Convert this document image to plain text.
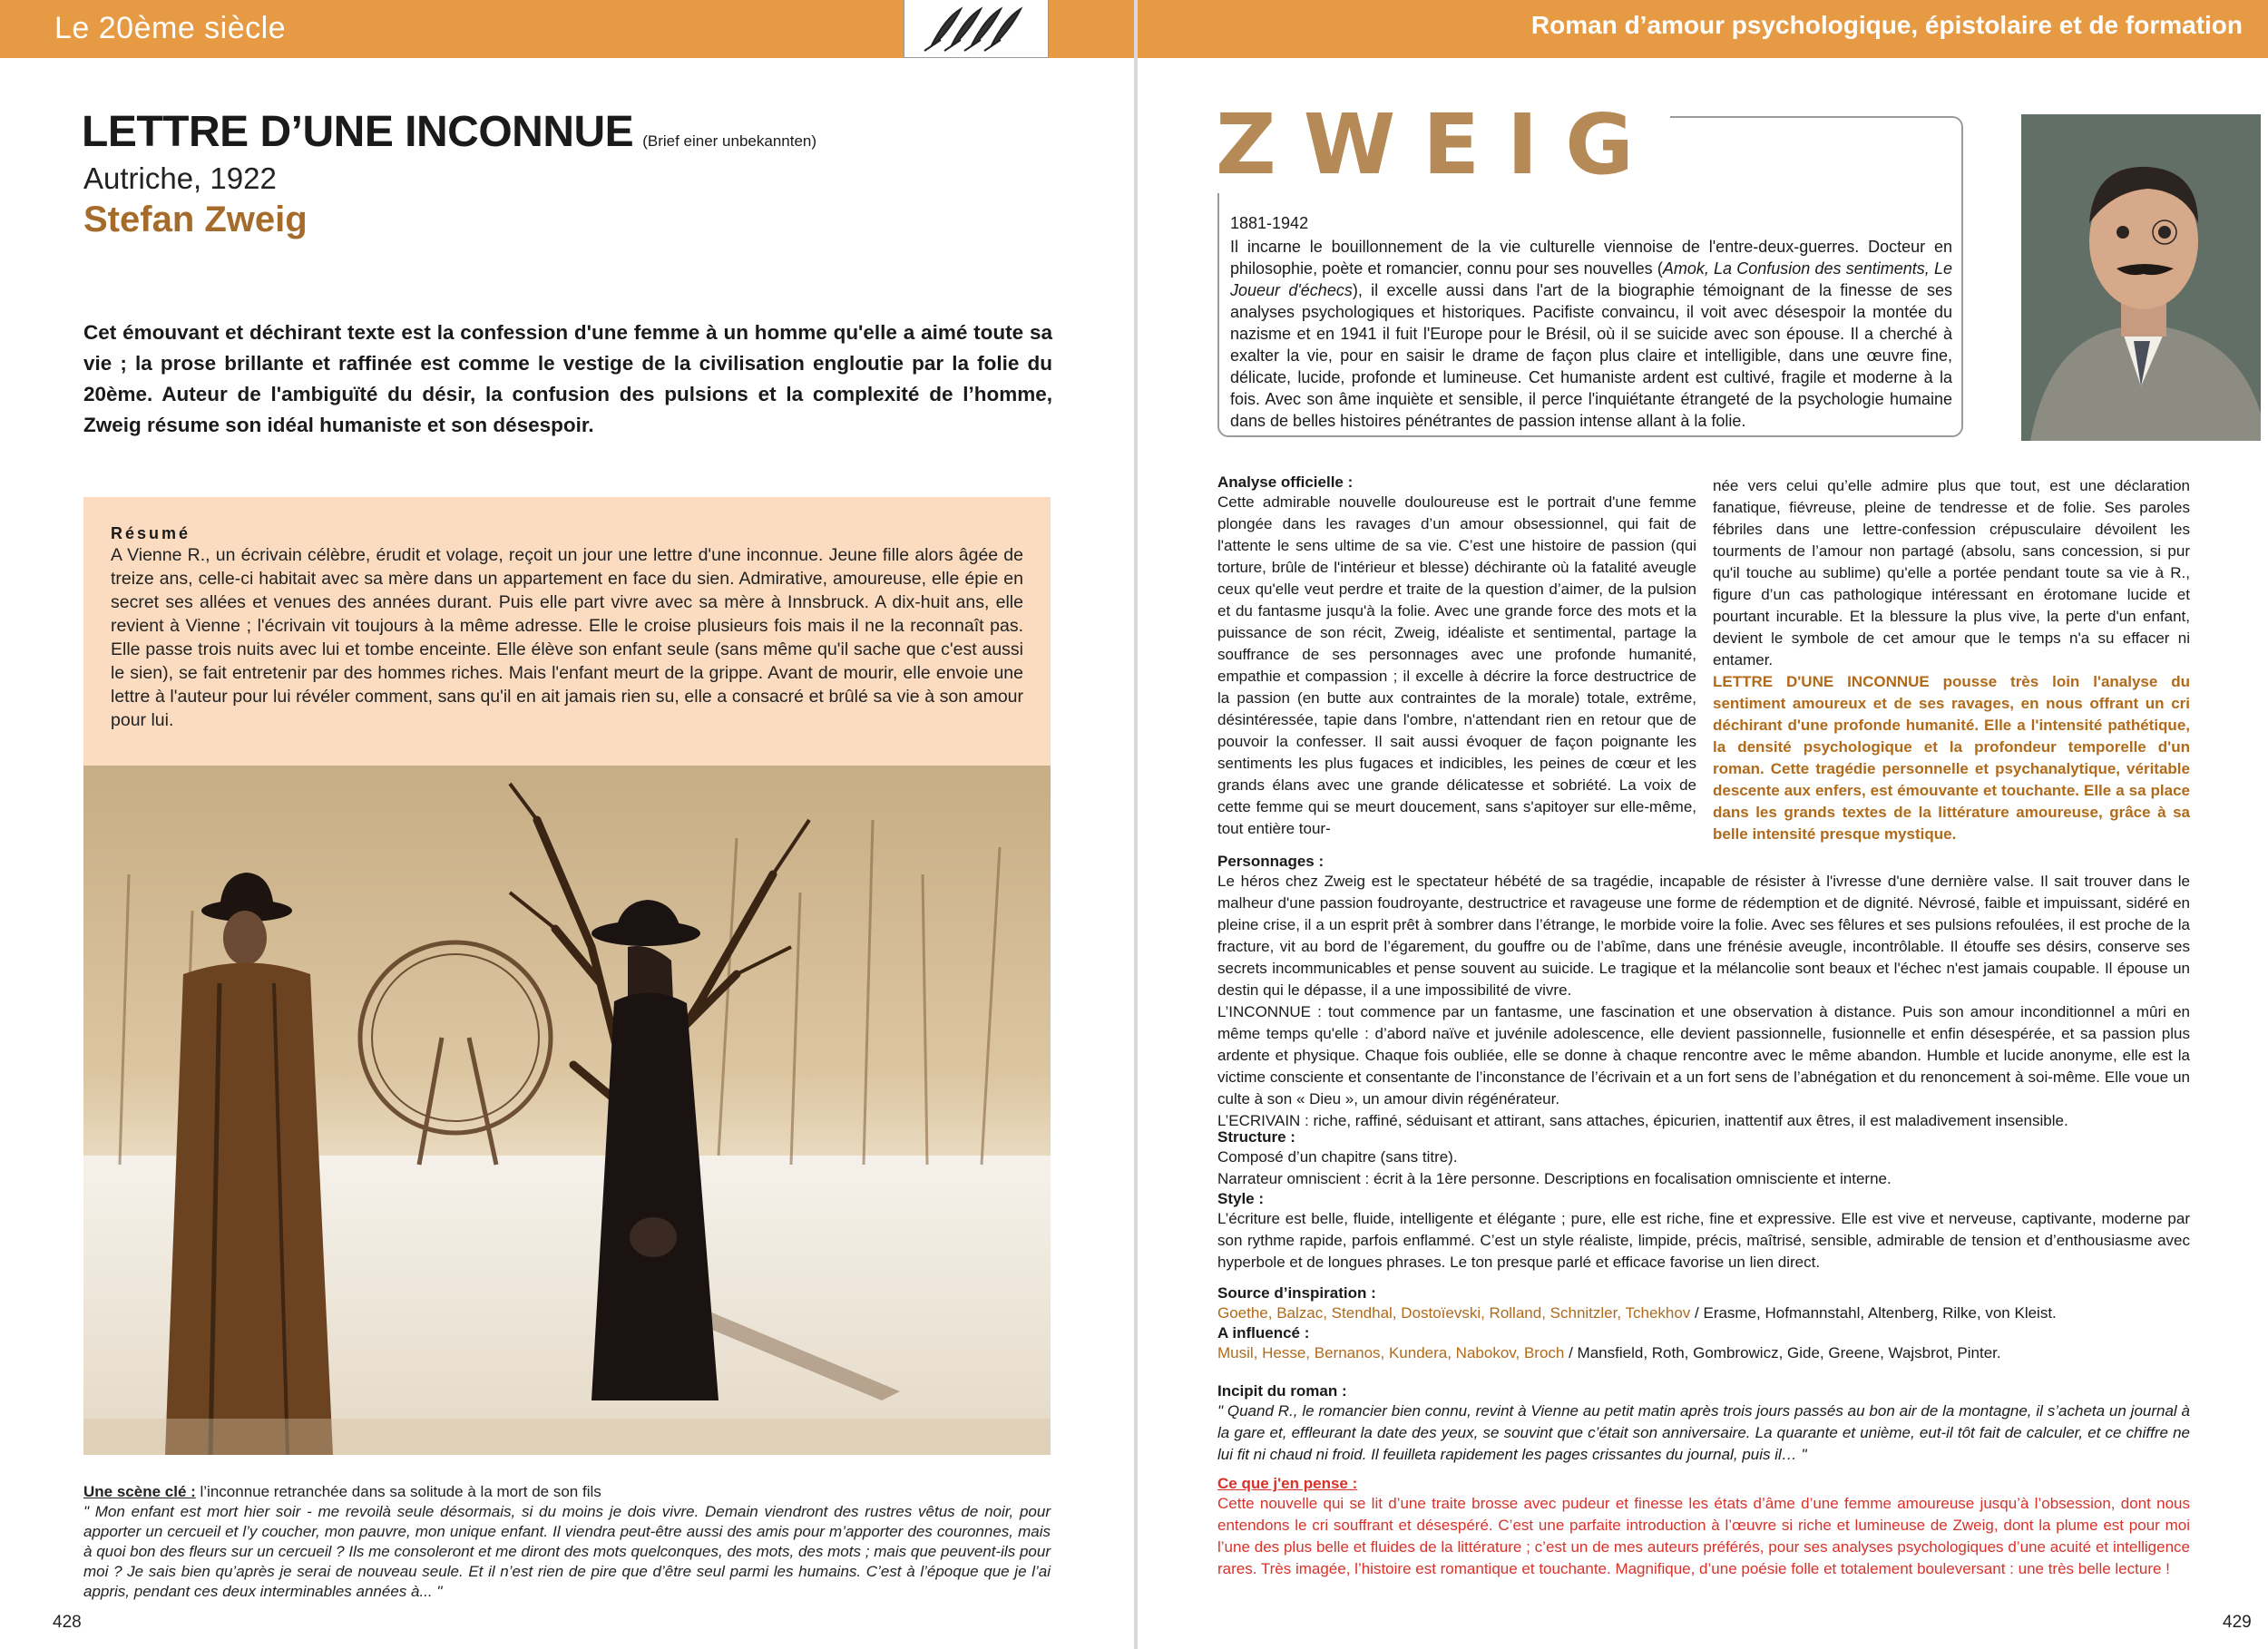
Le 20ème siècle
LETTRE D’UNE INCONNUE (Brief einer unbekannten)
Autriche, 1922
Stefan Zweig
Cet émouvant et déchirant texte est la confession d'une femme à un homme qu'elle a aimé toute sa vie ; la prose brillante et raffinée est comme le vestige de la civilisation engloutie par la folie du 20ème. Auteur de l'ambiguïté du désir, la confusion des pulsions et la complexité de l’homme, Zweig résume son idéal humaniste et son désespoir.
Résumé
A Vienne R., un écrivain célèbre, érudit et volage, reçoit un jour une lettre d'une inconnue. Jeune fille alors âgée de treize ans, celle-ci habitait avec sa mère dans un appartement en face du sien. Admirative, amoureuse, elle épie en secret ses allées et venues des années durant. Puis elle part vivre avec sa mère à Innsbruck. A dix-huit ans, elle revient à Vienne ; l'écrivain vit toujours à la même adresse. Elle le croise plusieurs fois mais il ne la reconnaît pas. Elle passe trois nuits avec lui et tombe enceinte. Elle élève son enfant seule (sans même qu'il sache que c'est aussi le sien), se fait entretenir par des hommes riches. Mais l'enfant meurt de la grippe. Avant de mourir, elle envoie une lettre à l'auteur pour lui révéler comment, sans qu'il en ait jamais rien su, elle a consacré et brûlé sa vie à son amour pour lui.
Une scène clé : l’inconnue retranchée dans sa solitude à la mort de son fils
" Mon enfant est mort hier soir - me revoilà seule désormais, si du moins je dois vivre. Demain viendront des rustres vêtus de noir, pour apporter un cercueil et l’y coucher, mon pauvre, mon unique enfant. Il viendra peut-être aussi des amis pour m’apporter des couronnes, mais à quoi bon des fleurs sur un cercueil ? Ils me consoleront et me diront des mots quelconques, des mots, des mots ; mais que peuvent-ils pour moi ? Je sais bien qu’après je serai de nouveau seule. Et il n’est rien de pire que d’être seul parmi les humains. C’est à l’époque que je l’ai appris, pendant ces deux interminables années à... "
428
Roman d’amour psychologique, épistolaire et de formation
ZWEIG
1881-1942
Il incarne le bouillonnement de la vie culturelle viennoise de l'entre-deux-guerres. Docteur en philosophie, poète et romancier, connu pour ses nouvelles (Amok, La Confusion des sentiments, Le Joueur d'échecs), il excelle aussi dans l'art de la biographie témoignant de la finesse de ses analyses psychologiques et historiques. Pacifiste convaincu, il voit avec désespoir la montée du nazisme et en 1941 il fuit l'Europe pour le Brésil, où il se suicide avec son épouse. Il a cherché à exalter la vie, pour en saisir le drame de façon plus claire et intelligible, dans une œuvre fine, délicate, lucide, profonde et lumineuse. Cet humaniste ardent est cultivé, fragile et moderne à la fois. Avec son âme inquiète et sensible, il perce l'inquiétante étrangeté de la psychologie humaine dans de belles histoires pénétrantes de passion intense allant à la folie.
Analyse officielle :
Cette admirable nouvelle douloureuse est le portrait d'une femme plongée dans les ravages d’un amour obsessionnel, qui fait de l'attente le sens ultime de sa vie. C’est une histoire de passion (qui torture, brûle de l'intérieur et blesse) déchirante où la fatalité aveugle ceux qu'elle veut perdre et traite de la question d’aimer, de la pulsion et du fantasme jusqu'à la folie. Avec une grande force des mots et la puissance de son récit, Zweig, idéaliste et sentimental, partage la souffrance de ses personnages avec une profonde humanité, empathie et compassion ; il excelle à décrire la force destructrice de la passion (en butte aux contraintes de la morale) totale, extrême, désintéressée, tapie dans l'ombre, n'attendant rien en retour que de pouvoir la confesser. Il sait aussi évoquer de façon poignante les sentiments les plus fugaces et indicibles, les peines de cœur et les grands élans avec une grande délicatesse et sobriété. La voix de cette femme qui se meurt doucement, sans s'apitoyer sur elle-même, tout entière tour-
née vers celui qu’elle admire plus que tout, est une déclaration fanatique, fiévreuse, pleine de tendresse et de folie. Ses paroles fébriles dans une lettre-confession crépusculaire dévoilent les tourments de l’amour non partagé (absolu, sans concession, si pur qu'il touche au sublime) qu'elle a portée pendant toute sa vie à R., figure d’un cas pathologique intéressant en érotomane lucide et pourtant incurable. Et la blessure la plus vive, la perte d'un enfant, devient le symbole de cet amour que le temps n'a su effacer ni entamer.
LETTRE D'UNE INCONNUE pousse très loin l'analyse du sentiment amoureux et de ses ravages, en nous offrant un cri déchirant d'une profonde humanité. Elle a l'intensité pathétique, la densité psychologique et la profondeur temporelle d'un roman. Cette tragédie personnelle et psychanalytique, véritable descente aux enfers, est émouvante et touchante. Elle a sa place dans les grands textes de la littérature amoureuse, grâce à sa belle intensité presque mystique.
Personnages :
Le héros chez Zweig est le spectateur hébété de sa tragédie, incapable de résister à l'ivresse d'une dernière valse. Il sait trouver dans le malheur d'une passion foudroyante, destructrice et ravageuse une forme de rédemption et de dignité. Névrosé, faible et impuissant, sidéré en pleine crise, il a un esprit prêt à sombrer dans l’étrange, le morbide voire la folie. Avec ses fêlures et ses pulsions refoulées, il est proche de la fracture, vit au bord de l’égarement, du gouffre ou de l’abîme, dans une frénésie aveugle, incontrôlable. Il étouffe ses désirs, conserve ses secrets incommunicables et pense souvent au suicide. Le tragique et la mélancolie sont beaux et l'échec n'est jamais coupable. Il épouse un destin qui le dépasse, il a une impossibilité de vivre.
L’INCONNUE : tout commence par un fantasme, une fascination et une observation à distance. Puis son amour inconditionnel a mûri en même temps qu'elle : d’abord naïve et juvénile adolescence, elle devient passionnelle, fusionnelle et enfin désespérée, et sa passion plus ardente et physique. Chaque fois oubliée, elle se donne à chaque rencontre avec le même abandon. Humble et lucide anonyme, elle est la victime consciente et consentante de l’inconstance de l’écrivain et a un fort sens de l’abnégation et du renoncement à soi-même. Elle voue un culte à son « Dieu », un amour divin régénérateur.
L’ECRIVAIN : riche, raffiné, séduisant et attirant, sans attaches, épicurien, inattentif aux êtres, il est maladivement insensible.
Structure :
Composé d’un chapitre (sans titre).
Narrateur omniscient : écrit à la 1ère personne. Descriptions en focalisation omnisciente et interne.
Style :
L’écriture est belle, fluide, intelligente et élégante ; pure, elle est riche, fine et expressive. Elle est vive et nerveuse, captivante, moderne par son rythme rapide, parfois enflammé. C’est un style réaliste, limpide, précis, maîtrisé, sensible, admirable de tension et d’enthousiasme avec hyperbole et de longues phrases. Le ton presque parlé et efficace favorise un lien direct.
Source d’inspiration :
Goethe, Balzac, Stendhal, Dostoïevski, Rolland, Schnitzler, Tchekhov / Erasme, Hofmannstahl, Altenberg, Rilke, von Kleist.
A influencé :
Musil, Hesse, Bernanos, Kundera, Nabokov, Broch / Mansfield, Roth, Gombrowicz, Gide, Greene, Wajsbrot, Pinter.
Incipit du roman :
" Quand R., le romancier bien connu, revint à Vienne au petit matin après trois jours passés au bon air de la montagne, il s’acheta un journal à la gare et, effleurant la date des yeux, se souvint que c’était son anniversaire. La quarante et unième, eut-il tôt fait de calculer, et ce chiffre ne lui fit ni chaud ni froid. Il feuilleta rapidement les pages crissantes du journal, puis il… "
Ce que j'en pense :
Cette nouvelle qui se lit d’une traite brosse avec pudeur et finesse les états d’âme d’une femme amoureuse jusqu’à l’obsession, dont nous entendons le cri souffrant et désespéré. C’est une parfaite introduction à l’œuvre si riche et lumineuse de Zweig, dont la plume est pour moi l’une des plus belle et fluides de la littérature ; c’est un de mes auteurs préférés, pour ses analyses psychologiques d’une acuité et intelligence rares. Très imagée, l’histoire est romantique et touchante. Magnifique, d’une poésie folle et totalement bouleversant : une très belle lecture !
429
